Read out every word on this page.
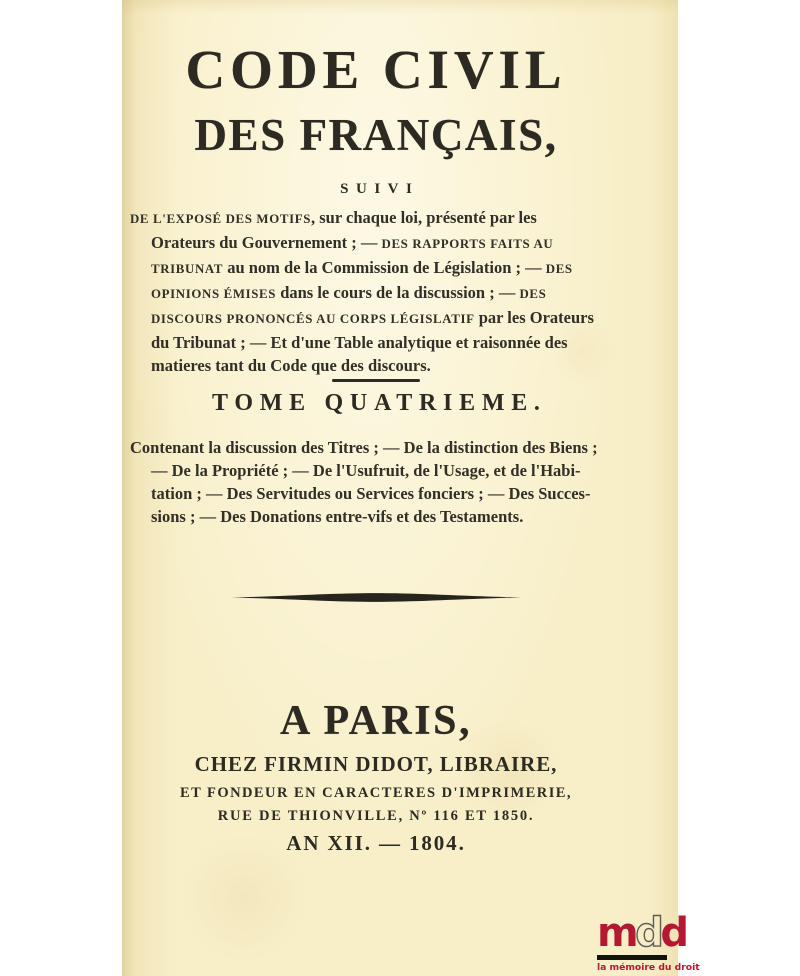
CODE CIVIL
DES FRANÇAIS,
SUIVI
DE L'EXPOSÉ DES MOTIFS, sur chaque loi, présenté par les
Orateurs du Gouvernement ; — DES RAPPORTS FAITS AU
TRIBUNAT au nom de la Commission de Législation ; — DES
OPINIONS ÉMISES dans le cours de la discussion ; — DES
DISCOURS PRONONCÉS AU CORPS LÉGISLATIF par les Orateurs
du Tribunat ; — Et d'une Table analytique et raisonnée des
matieres tant du Code que des discours.
TOME QUATRIEME.
Contenant la discussion des Titres ; — De la distinction des Biens ;
— De la Propriété ; — De l'Usufruit, de l'Usage, et de l'Habi-
tation ; — Des Servitudes ou Services fonciers ; — Des Succes-
sions ; — Des Donations entre-vifs et des Testaments.
A PARIS,
CHEZ FIRMIN DIDOT, LIBRAIRE,
ET FONDEUR EN CARACTERES D'IMPRIMERIE,
RUE DE THIONVILLE, Nº 116 ET 1850.
AN XII. — 1804.
mdd
la mémoire du droit
